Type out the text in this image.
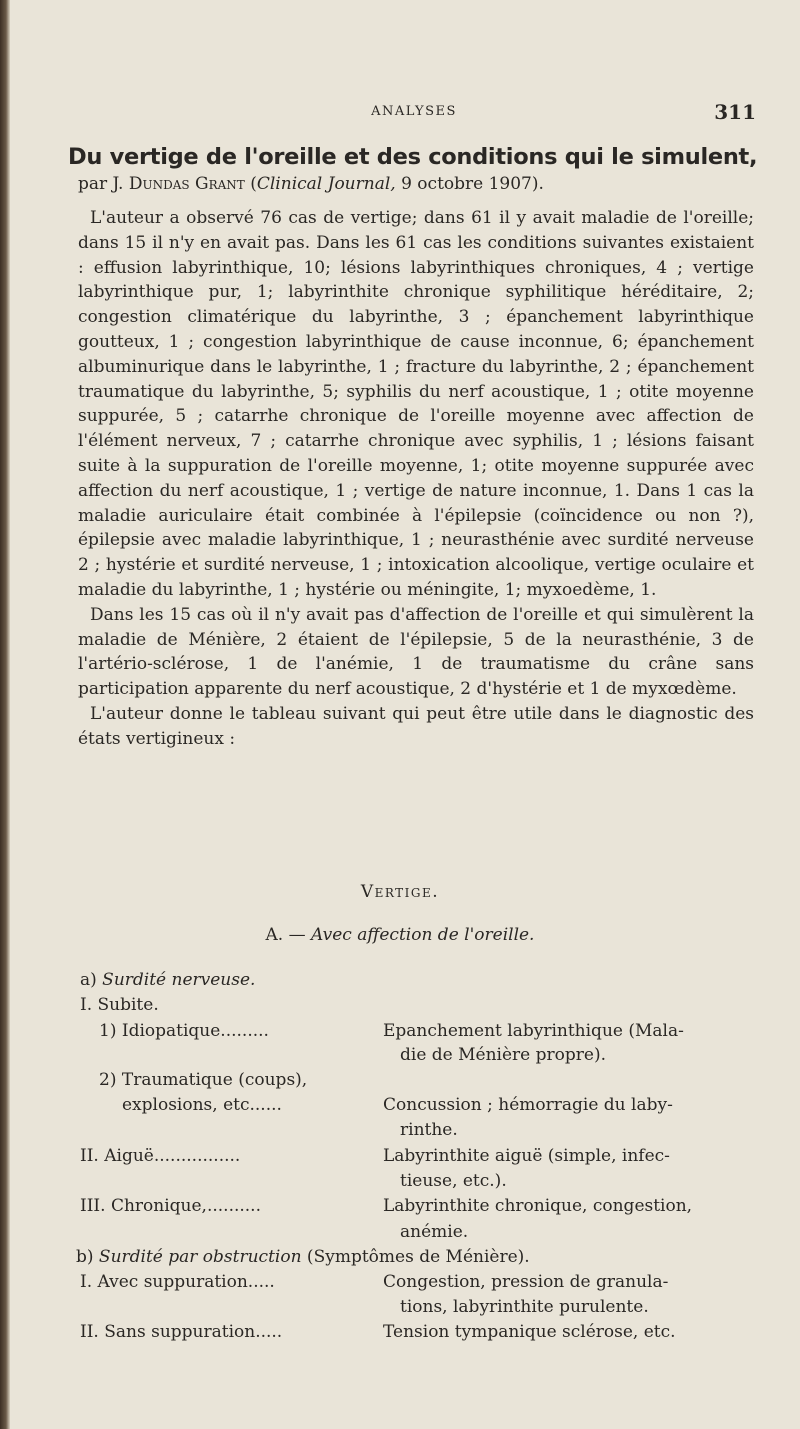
ANALYSES	311
Du vertige de l'oreille et des conditions qui le simulent,
par J. Dundas Grant (Clinical Journal, 9 octobre 1907).

L'auteur a observé 76 cas de vertige; dans 61 il y avait maladie de l'oreille; dans 15 il n'y en avait pas. Dans les 61 cas les conditions suivantes existaient : effusion labyrinthique, 10; lésions labyrinthiques chroniques, 4 ; vertige labyrinthique pur, 1; labyrinthite chronique syphilitique héréditaire, 2; congestion climatérique du labyrinthe, 3 ; épanchement labyrinthique goutteux, 1 ; congestion labyrinthique de cause inconnue, 6; épanchement albuminurique dans le labyrinthe, 1 ; fracture du labyrinthe, 2 ; épanchement traumatique du labyrinthe, 5; syphilis du nerf acoustique, 1 ; otite moyenne suppurée, 5 ; catarrhe chronique de l'oreille moyenne avec affection de l'élément nerveux, 7 ; catarrhe chronique avec syphilis, 1 ; lésions faisant suite à la suppuration de l'oreille moyenne, 1; otite moyenne suppurée avec affection du nerf acoustique, 1 ; vertige de nature inconnue, 1. Dans 1 cas la maladie auriculaire était combinée à l'épilepsie (coïncidence ou non ?), épilepsie avec maladie labyrinthique, 1 ; neurasthénie avec surdité nerveuse 2 ; hystérie et surdité nerveuse, 1 ; intoxication alcoolique, vertige oculaire et maladie du labyrinthe, 1 ; hystérie ou méningite, 1; myxoedème, 1.

Dans les 15 cas où il n'y avait pas d'affection de l'oreille et qui simulèrent la maladie de Ménière, 2 étaient de l'épilepsie, 5 de la neurasthénie, 3 de l'artério-sclérose, 1 de l'anémie, 1 de traumatisme du crâne sans participation apparente du nerf acoustique, 2 d'hystérie et 1 de myxœdème.

L'auteur donne le tableau suivant qui peut être utile dans le diagnostic des états vertigineux :

Vertige.
A. — Avec affection de l'oreille.
a) Surdité nerveuse.
I. Subite.
1) Idiopatique.........	Epanchement labyrinthique (Mala-
die de Ménière propre).
2) Traumatique (coups),
explosions, etc......	Concussion ; hémorragie du laby-
rinthe.
II. Aiguë................	Labyrinthite aiguë (simple, infec-
tieuse, etc.).
III. Chronique,..........	Labyrinthite chronique, congestion,
anémie.
b) Surdité par obstruction (Symptômes de Ménière).
I. Avec suppuration.....	Congestion, pression de granula-
tions, labyrinthite purulente.
II. Sans suppuration.....	Tension tympanique sclérose, etc.
